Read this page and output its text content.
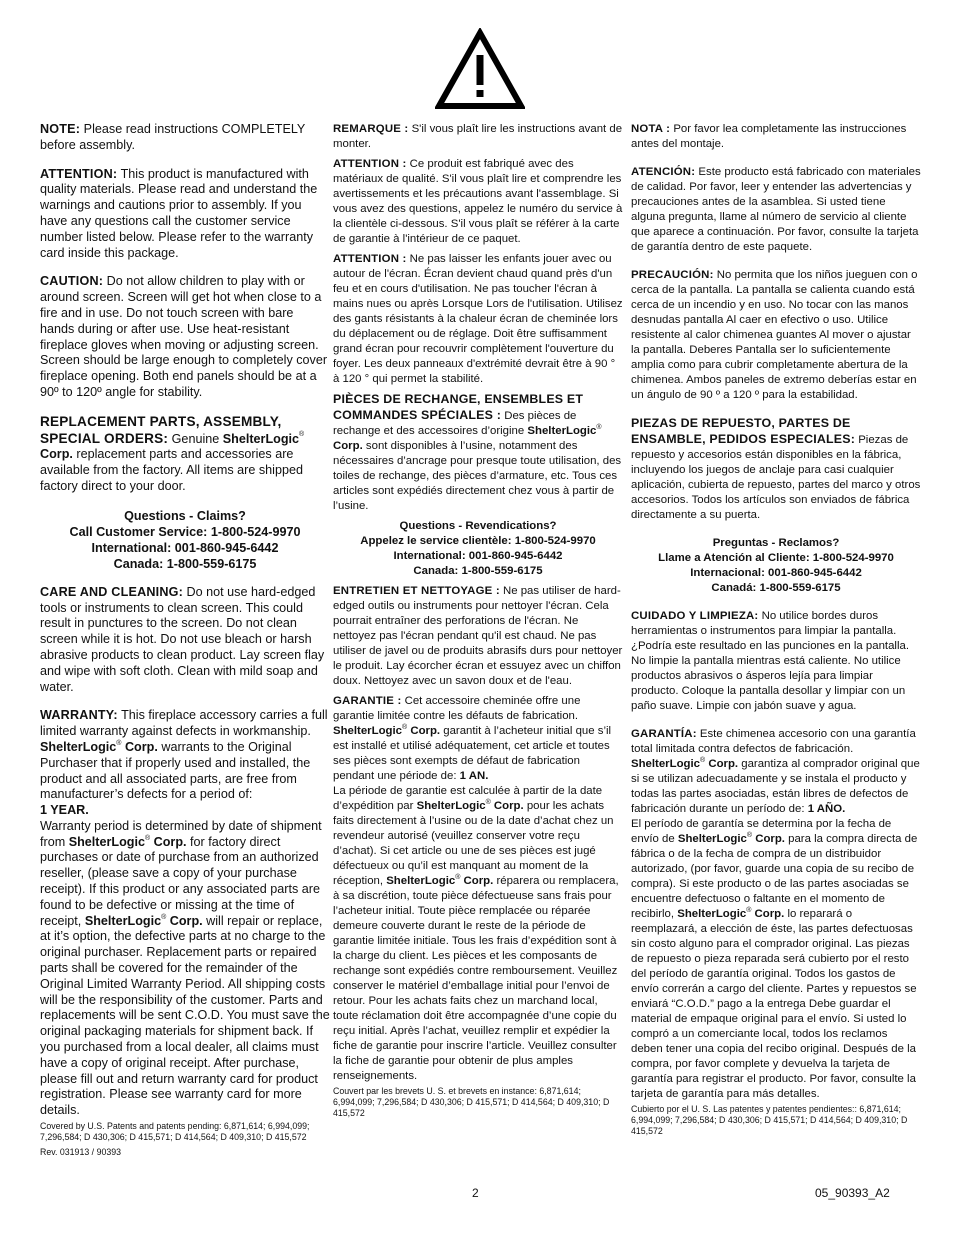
NOTE: Please read instructions COMPLETELY before assembly.

ATTENTION: This product is manufactured with quality materials. Please read and understand the warnings and cautions prior to assembly. If you have any questions call the customer service number listed below. Please refer to the warranty card inside this package.

CAUTION: Do not allow children to play with or around screen. Screen will get hot when close to a fire and in use. Do not touch screen with bare hands during or after use. Use heat-resistant fireplace gloves when moving or adjusting screen. Screen should be large enough to completely cover fireplace opening. Both end panels should be at a 90º to 120º angle for stability.

REPLACEMENT PARTS, ASSEMBLY, SPECIAL ORDERS: Genuine ShelterLogic® Corp. replacement parts and accessories are available from the factory. All items are shipped factory direct to your door.

Questions - Claims?
Call Customer Service: 1-800-524-9970
International: 001-860-945-6442
Canada: 1-800-559-6175

CARE AND CLEANING: Do not use hard-edged tools or instruments to clean screen. This could result in punctures to the screen. Do not clean screen while it is hot. Do not use bleach or harsh abrasive products to clean product. Lay screen flay and wipe with soft cloth. Clean with mild soap and water.

WARRANTY: This fireplace accessory carries a full limited warranty against defects in workmanship. ShelterLogic® Corp. warrants to the Original Purchaser that if properly used and installed, the product and all associated parts, are free from manufacturer’s defects for a period of:

1 YEAR.

Warranty period is determined by date of shipment from ShelterLogic® Corp. for factory direct purchases or date of purchase from an authorized reseller, (please save a copy of your purchase receipt). If this product or any associated parts are found to be defective or missing at the time of receipt, ShelterLogic® Corp. will repair or replace, at it’s option, the defective parts at no charge to the original purchaser. Replacement parts or repaired parts shall be covered for the remainder of the Original Limited Warranty Period. All shipping costs will be the responsibility of the customer. Parts and replacements will be sent C.O.D. You must save the original packaging materials for shipment back. If you purchased from a local dealer, all claims must have a copy of original receipt. After purchase, please fill out and return warranty card for product registration. Please see warranty card for more details.

Covered by U.S. Patents and patents pending: 6,871,614; 6,994,099; 7,296,584; D 430,306; D 415,571; D 414,564; D 409,310; D 415,572

Rev. 031913 / 90393

REMARQUE : S'il vous plaît lire les instructions avant de monter.

ATTENTION : Ce produit est fabriqué avec des matériaux de qualité. S'il vous plaît lire et comprendre les avertissements et les précautions avant l'assemblage. Si vous avez des questions, appelez le numéro du service à la clientèle ci-dessous. S'il vous plaît se référer à la carte de garantie à l'intérieur de ce paquet.

ATTENTION : Ne pas laisser les enfants jouer avec ou autour de l'écran. Écran devient chaud quand près d'un feu et en cours d'utilisation. Ne pas toucher l'écran à mains nues ou après Lorsque Lors de l'utilisation. Utilisez des gants résistants à la chaleur écran de cheminée lors du déplacement ou de réglage. Doit être suffisamment grand écran pour recouvrir complètement l'ouverture du foyer. Les deux panneaux d'extrémité devrait être à 90 ° à 120 ° qui permet la stabilité.

PIÈCES DE RECHANGE, ENSEMBLES ET COMMANDES SPÉCIALES : Des pièces de rechange et des accessoires d’origine ShelterLogic® Corp. sont disponibles à l’usine, notamment des nécessaires d’ancrage pour presque toute utilisation, des toiles de rechange, des pièces d’armature, etc. Tous ces articles sont expédiés directement chez vous à partir de l’usine.

Questions - Revendications?
Appelez le service clientèle: 1-800-524-9970
International: 001-860-945-6442
Canada: 1-800-559-6175

ENTRETIEN ET NETTOYAGE : Ne pas utiliser de hard-edged outils ou instruments pour nettoyer l'écran. Cela pourrait entraîner des perforations de l'écran. Ne nettoyez pas l'écran pendant qu'il est chaud. Ne pas utiliser de javel ou de produits abrasifs durs pour nettoyer le produit. Lay écorcher écran et essuyez avec un chiffon doux. Nettoyez avec un savon doux et de l'eau.

GARANTIE : Cet accessoire cheminée offre une garantie limitée contre les défauts de fabrication. ShelterLogic® Corp. garantit à l’acheteur initial que s’il est installé et utilisé adéquatement, cet article et toutes ses pièces sont exempts de défaut de fabrication pendant une période de: 1 AN.

La période de garantie est calculée à partir de la date d’expédition par ShelterLogic® Corp. pour les achats faits directement à l’usine ou de la date d’achat chez un revendeur autorisé (veuillez conserver votre reçu d’achat). Si cet article ou une de ses pièces est jugé défectueux ou qu’il est manquant au moment de la réception, ShelterLogic® Corp. réparera ou remplacera, à sa discrétion, toute pièce défectueuse sans frais pour l’acheteur initial. Toute pièce remplacée ou réparée demeure couverte durant le reste de la période de garantie limitée initiale. Tous les frais d’expédition sont à la charge du client. Les pièces et les composants de rechange sont expédiés contre remboursement. Veuillez conserver le matériel d’emballage initial pour l’envoi de retour. Pour les achats faits chez un marchand local, toute réclamation doit être accompagnée d’une copie du reçu initial. Après l’achat, veuillez remplir et expédier la fiche de garantie pour inscrire l’article. Veuillez consulter la fiche de garantie pour obtenir de plus amples renseignements.

Couvert par les brevets U. S. et brevets en instance: 6,871,614; 6,994,099; 7,296,584; D 430,306; D 415,571; D 414,564; D 409,310; D 415,572

NOTA : Por favor lea completamente las instrucciones antes del montaje.

ATENCIÓN: Este producto está fabricado con materiales de calidad. Por favor, leer y entender las advertencias y precauciones antes de la asamblea. Si usted tiene alguna pregunta, llame al número de servicio al cliente que aparece a continuación. Por favor, consulte la tarjeta de garantía dentro de este paquete.

PRECAUCIÓN: No permita que los niños jueguen con o cerca de la pantalla. La pantalla se calienta cuando está cerca de un incendio y en uso. No tocar con las manos desnudas pantalla Al caer en efectivo o uso. Utilice resistente al calor chimenea guantes Al mover o ajustar la pantalla. Deberes Pantalla ser lo suficientemente amplia como para cubrir completamente abertura de la chimenea. Ambos paneles de extremo deberías estar en un ángulo de 90 º a 120 º para la estabilidad.

PIEZAS DE REPUESTO, PARTES DE ENSAMBLE, PEDIDOS ESPECIALES: Piezas de repuesto y accesorios están disponibles en la fábrica, incluyendo los juegos de anclaje para casi cualquier aplicación, cubierta de repuesto, partes del marco y otros accesorios. Todos los artículos son enviados de fábrica directamente a su puerta.

Preguntas - Reclamos?
Llame a Atención al Cliente: 1-800-524-9970
Internacional: 001-860-945-6442
Canadá: 1-800-559-6175

CUIDADO Y LIMPIEZA: No utilice bordes duros herramientas o instrumentos para limpiar la pantalla. ¿Podría este resultado en las punciones en la pantalla. No limpie la pantalla mientras está caliente. No utilice productos abrasivos o ásperos lejía para limpiar producto. Coloque la pantalla desollar y limpiar con un paño suave. Limpie con jabón suave y agua.

GARANTÍA: Este chimenea accesorio con una garantía total limitada contra defectos de fabricación. ShelterLogic® Corp. garantiza al comprador original que si se utilizan adecuadamente y se instala el producto y todas las partes asociadas, están libres de defectos de fabricación durante un período de: 1 AÑO.

El período de garantía se determina por la fecha de envío de ShelterLogic® Corp. para la compra directa de fábrica o de la fecha de compra de un distribuidor autorizado, (por favor, guarde una copia de su recibo de compra). Si este producto o de las partes asociadas se encuentre defectuoso o faltante en el momento de recibirlo, ShelterLogic® Corp. lo reparará o reemplazará, a elección de éste, las partes defectuosas sin costo alguno para el comprador original. Las piezas de repuesto o pieza reparada será cubierto por el resto del período de garantía original. Todos los gastos de envío correrán a cargo del cliente. Partes y repuestos se enviará “C.O.D.” pago a la entrega Debe guardar el material de empaque original para el envío. Si usted lo compró a un comerciante local, todos los reclamos deben tener una copia del recibo original. Después de la compra, por favor complete y devuelva la tarjeta de garantía para registrar el producto. Por favor, consulte la tarjeta de garantía para más detalles.

Cubierto por el U. S. Las patentes y patentes pendientes:: 6,871,614; 6,994,099; 7,296,584; D 430,306; D 415,571; D 414,564; D 409,310; D 415,572

2	05_90393_A2
